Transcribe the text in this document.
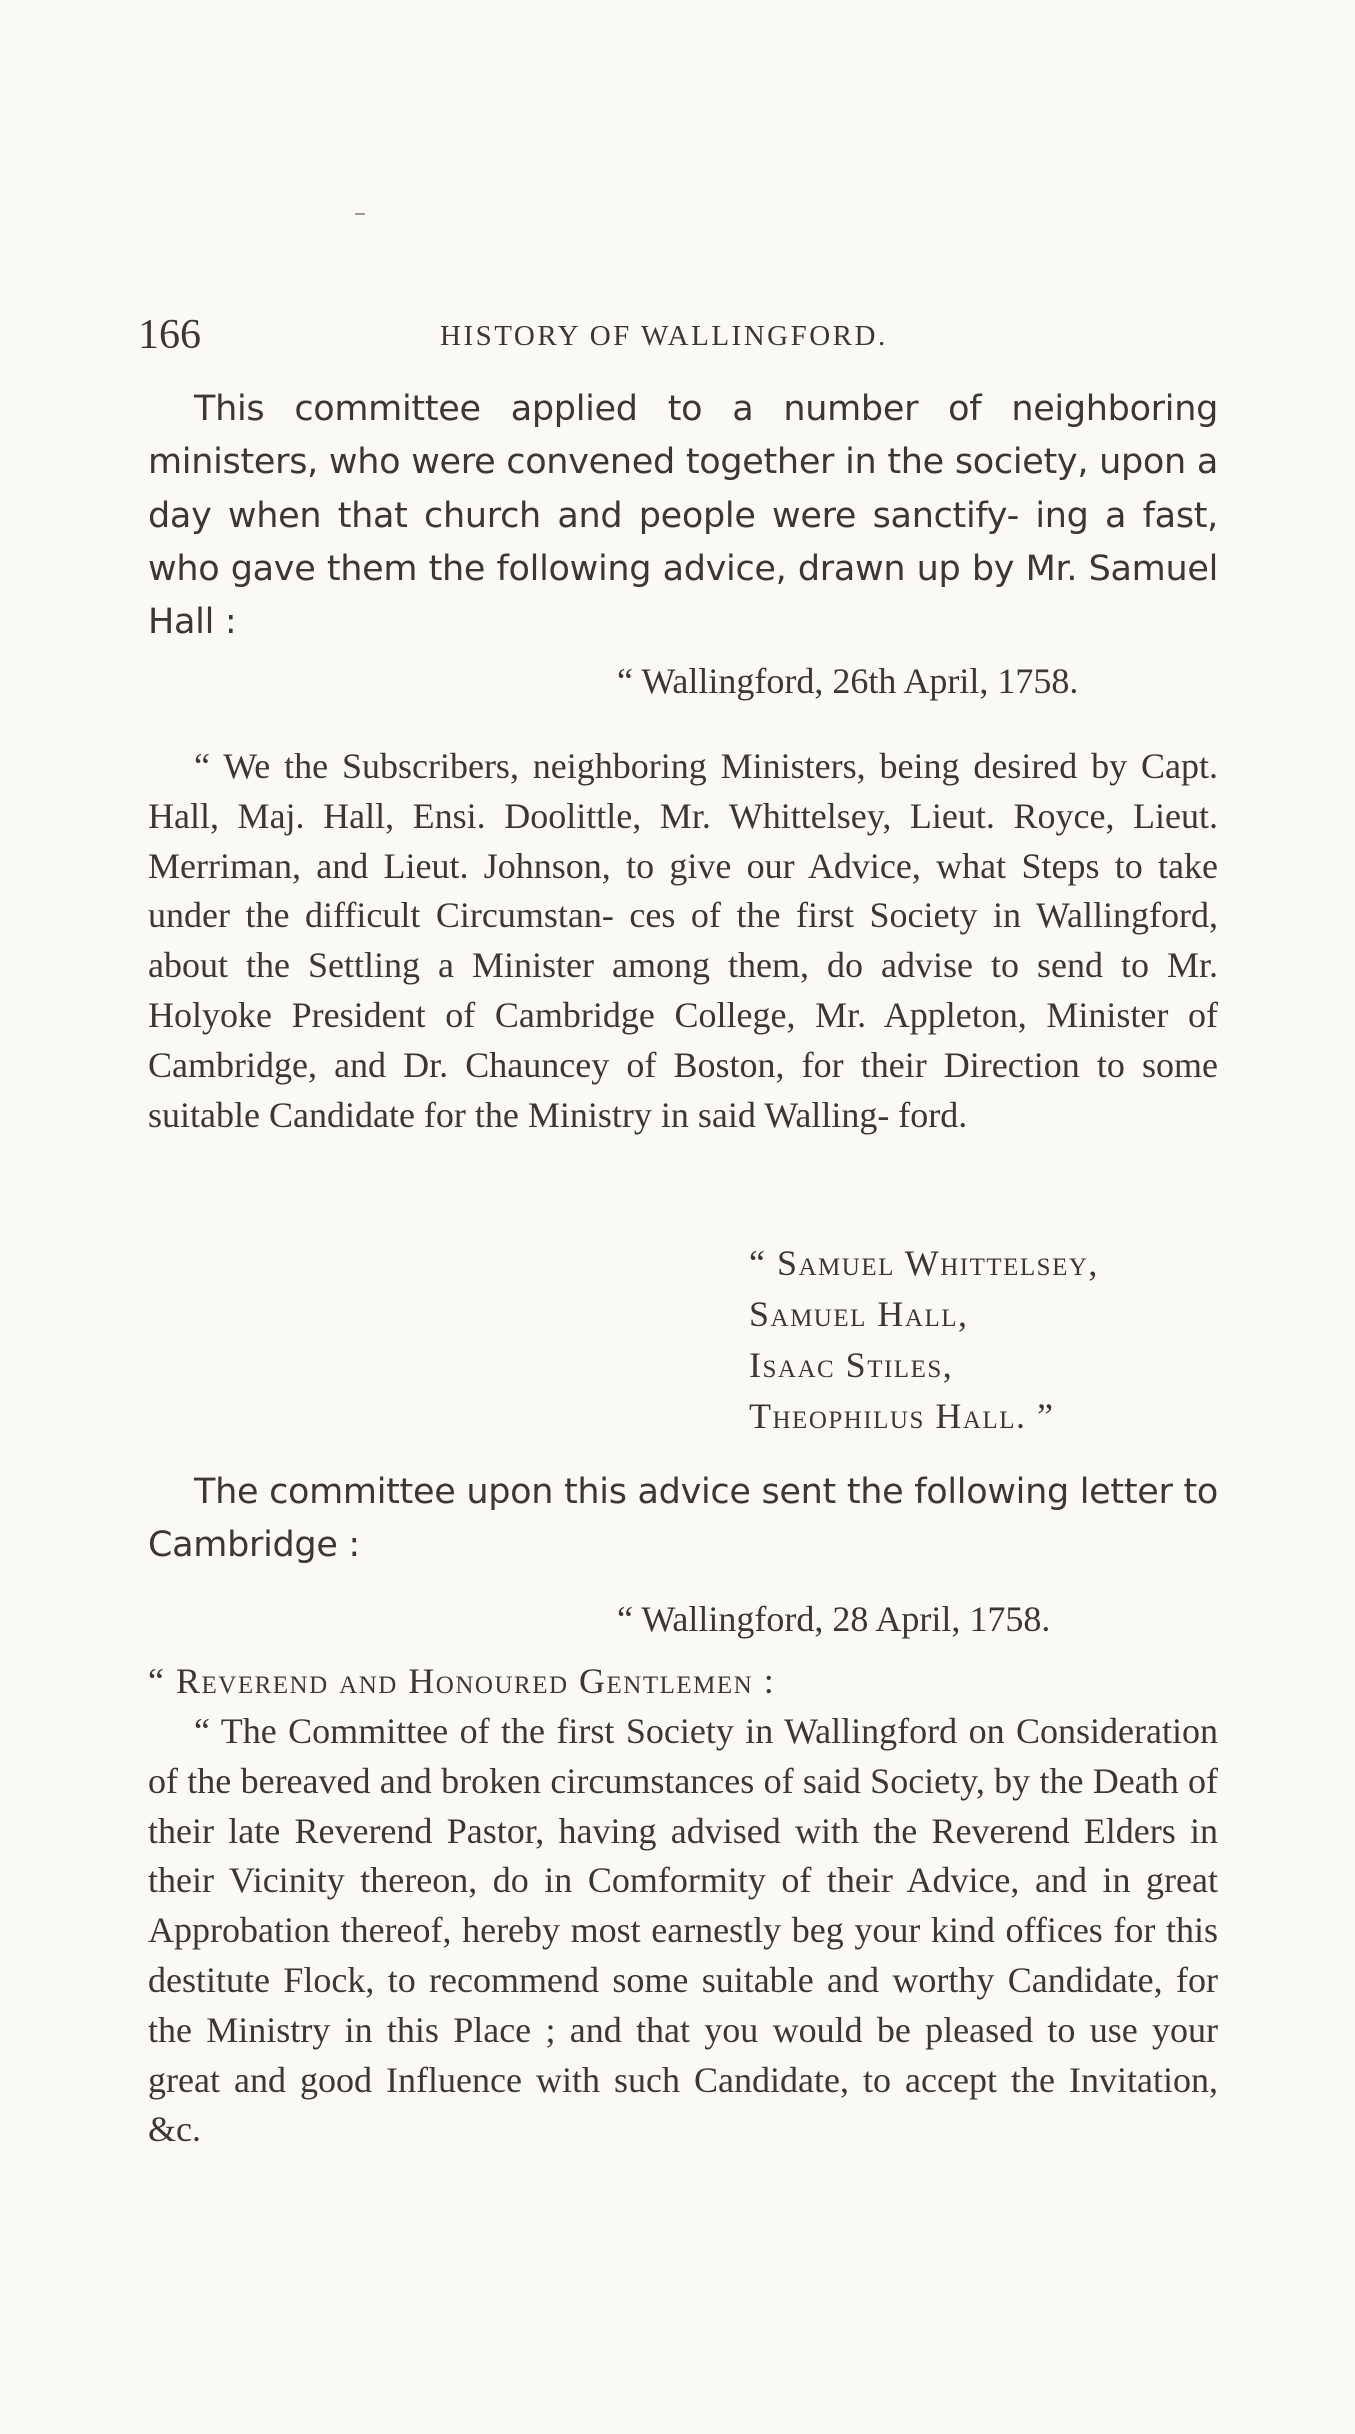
166	HISTORY OF WALLINGFORD.

This committee applied to a number of neighboring ministers, who were convened together in the society, upon a day when that church and people were sanctify- ing a fast, who gave them the following advice, drawn up by Mr. Samuel Hall :

“ Wallingford, 26th April, 1758.

“ We the Subscribers, neighboring Ministers, being desired by Capt. Hall, Maj. Hall, Ensi. Doolittle, Mr. Whittelsey, Lieut. Royce, Lieut. Merriman, and Lieut. Johnson, to give our Advice, what Steps to take under the difficult Circumstan- ces of the first Society in Wallingford, about the Settling a Minister among them, do advise to send to Mr. Holyoke President of Cambridge College, Mr. Appleton, Minister of Cambridge, and Dr. Chauncey of Boston, for their Direction to some suitable Candidate for the Ministry in said Walling- ford.

“ Samuel Whittelsey,
Samuel Hall,
Isaac Stiles,
Theophilus Hall. ”

The committee upon this advice sent the following letter to Cambridge :

“ Wallingford, 28 April, 1758.
“ Reverend and Honoured Gentlemen :

“ The Committee of the first Society in Wallingford on Consideration of the bereaved and broken circumstances of said Society, by the Death of their late Reverend Pastor, having advised with the Reverend Elders in their Vicinity thereon, do in Comformity of their Advice, and in great Approbation thereof, hereby most earnestly beg your kind offices for this destitute Flock, to recommend some suitable and worthy Candidate, for the Ministry in this Place ; and that you would be pleased to use your great and good Influence with such Candidate, to accept the Invitation, &c.
